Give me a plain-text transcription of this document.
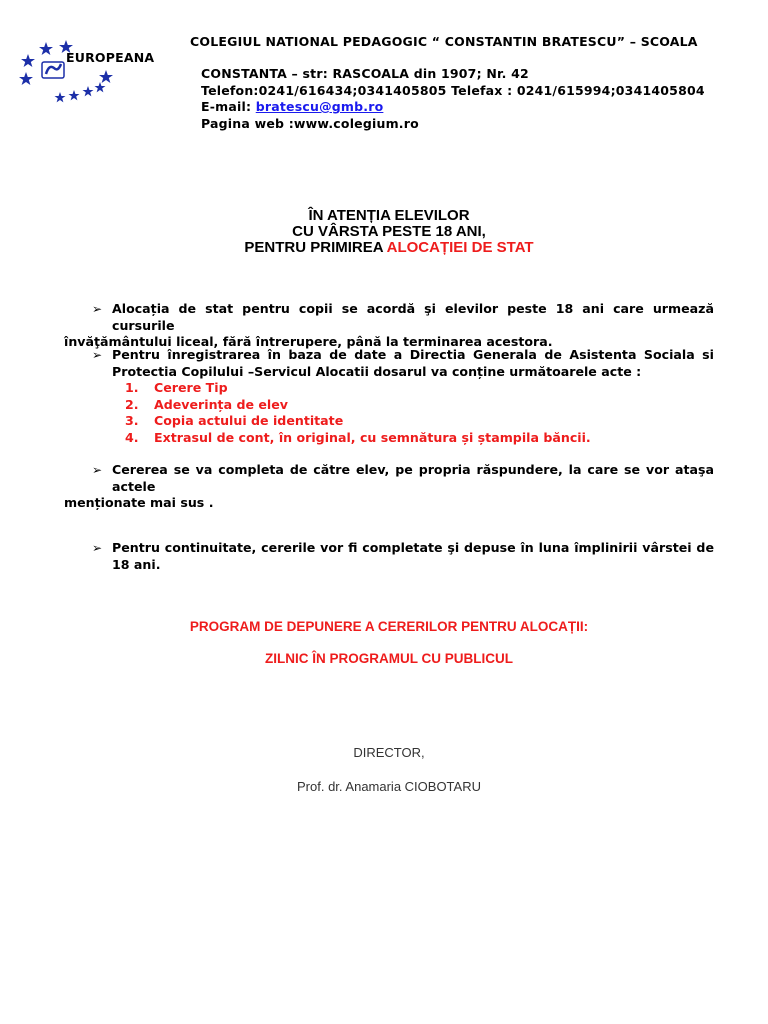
COLEGIUL NATIONAL PEDAGOGIC “ CONSTANTIN BRATESCU” – SCOALA
EUROPEANA
CONSTANTA – str: RASCOALA din 1907; Nr. 42
Telefon:0241/616434;0341405805 Telefax : 0241/615994;0341405804
E-mail: bratescu@gmb.ro
Pagina web :www.colegium.ro
ÎN ATENȚIA ELEVILOR
CU VÂRSTA PESTE 18 ANI,
PENTRU PRIMIREA ALOCAȚIEI DE STAT
➢ Alocația de stat pentru copii se acordă şi elevilor peste 18 ani care urmează cursurile
învăţământului liceal, fără întrerupere, până la terminarea acestora.
➢ Pentru înregistrarea în baza de date a Directia Generala de Asistenta Sociala si Protectia Copilului –Servicul Alocatii dosarul va conține următoarele acte :
1.	Cerere Tip
2.	Adeverința de elev
3.	Copia actului de identitate
4.	Extrasul de cont, în original, cu semnătura și ștampila băncii.
➢ Cererea se va completa de către elev, pe propria răspundere, la care se vor ataşa actele
menționate mai sus .
➢ Pentru continuitate, cererile vor fi completate şi depuse în luna împlinirii vârstei de 18 ani.
PROGRAM DE DEPUNERE A CERERILOR PENTRU ALOCAȚII:
ZILNIC ÎN PROGRAMUL CU PUBLICUL
DIRECTOR,
Prof. dr. Anamaria CIOBOTARU
